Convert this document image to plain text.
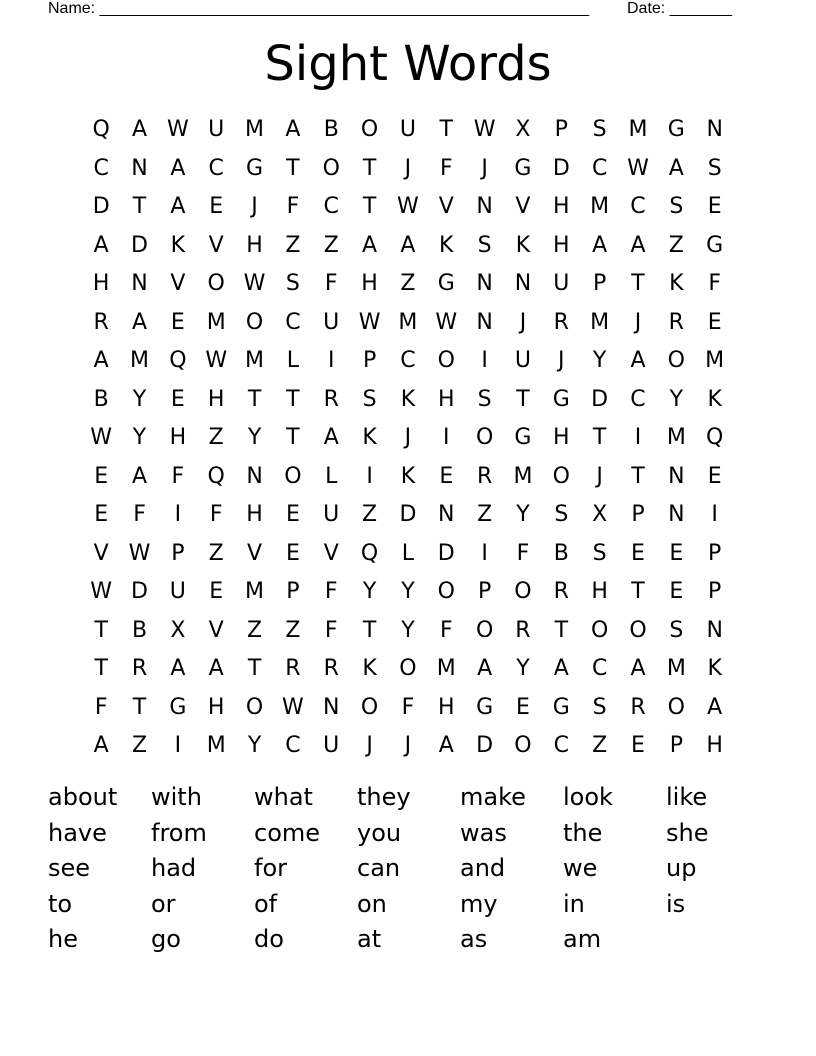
Name: _______________________________________________________ Date: _______
Sight Words
Q	A W U M A	B	O U	T W X	P	S M G N
C	N	A	C	G	T	O	T	J	F	J	G D	C W A	S
D	T	A	E	J	F	C	T W V	N	V	H M C	S	E
A	D	K	V	H	Z	Z	A	A	K	S	K	H	A	A	Z	G
H N	V	O W S	F	H	Z	G N N	U	P	T	K	F
R	A	E M O	C	U W M W N	J	R M	J	R	E
A M Q W M	L	I	P	C O	I	U	J	Y	A	O M
B	Y	E	H	T	T	R	S	K	H	S	T	G D	C	Y	K
W Y	H	Z	Y	T	A	K	J	I	O G H	T	I	M Q
E	A	F	Q N O	L	I	K	E	R M O	J	T	N	E
E	F	I	F	H	E	U	Z	D N	Z	Y	S	X	P	N	I
V W P	Z	V	E	V	Q	L	D	I	F	B	S	E	E	P
W D U	E M	P	F	Y	Y	O	P	O	R	H	T	E	P
T	B	X	V	Z	Z	F	T	Y	F	O	R	T	O O	S	N
T	R	A	A	T	R	R	K	O M A	Y	A	C	A M K
F	T	G H O W N O	F	H G	E	G	S	R	O	A
A	Z	I	M	Y	C	U	J	J	A	D O	C	Z	E	P	H
about	with	what	they	make	look	like
have	from	come	you	was	the	she
see	had	for	can	and	we	up
to	or	of	on	my	in	is
he	go	do	at	as	am
